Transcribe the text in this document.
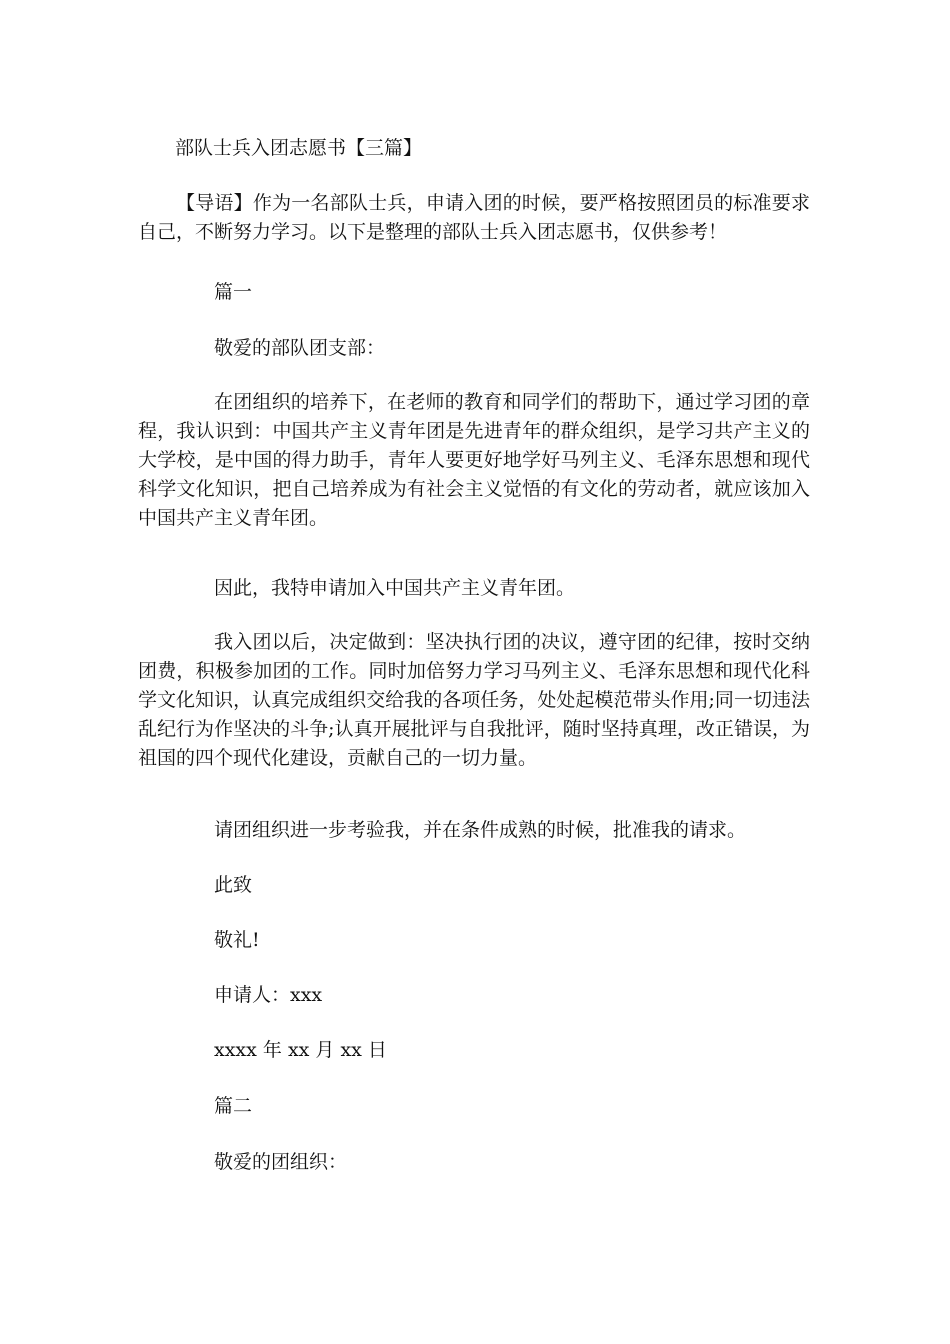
部队士兵入团志愿书【三篇】
【导语】作为一名部队士兵，申请入团的时候，要严格按照团员的标准要求自己，不断努力学习。以下是整理的部队士兵入团志愿书，仅供参考！
篇一
敬爱的部队团支部：
在团组织的培养下，在老师的教育和同学们的帮助下，通过学习团的章程，我认识到：中国共产主义青年团是先进青年的群众组织，是学习共产主义的大学校，是中国的得力助手，青年人要更好地学好马列主义、毛泽东思想和现代科学文化知识，把自己培养成为有社会主义觉悟的有文化的劳动者，就应该加入中国共产主义青年团。
因此，我特申请加入中国共产主义青年团。
我入团以后，决定做到：坚决执行团的决议，遵守团的纪律，按时交纳团费，积极参加团的工作。同时加倍努力学习马列主义、毛泽东思想和现代化科学文化知识，认真完成组织交给我的各项任务，处处起模范带头作用;同一切违法乱纪行为作坚决的斗争;认真开展批评与自我批评，随时坚持真理，改正错误，为祖国的四个现代化建设，贡献自己的一切力量。
请团组织进一步考验我，并在条件成熟的时候，批准我的请求。
此致
敬礼!
申请人：xxx
xxxx 年 xx 月 xx 日
篇二
敬爱的团组织：
